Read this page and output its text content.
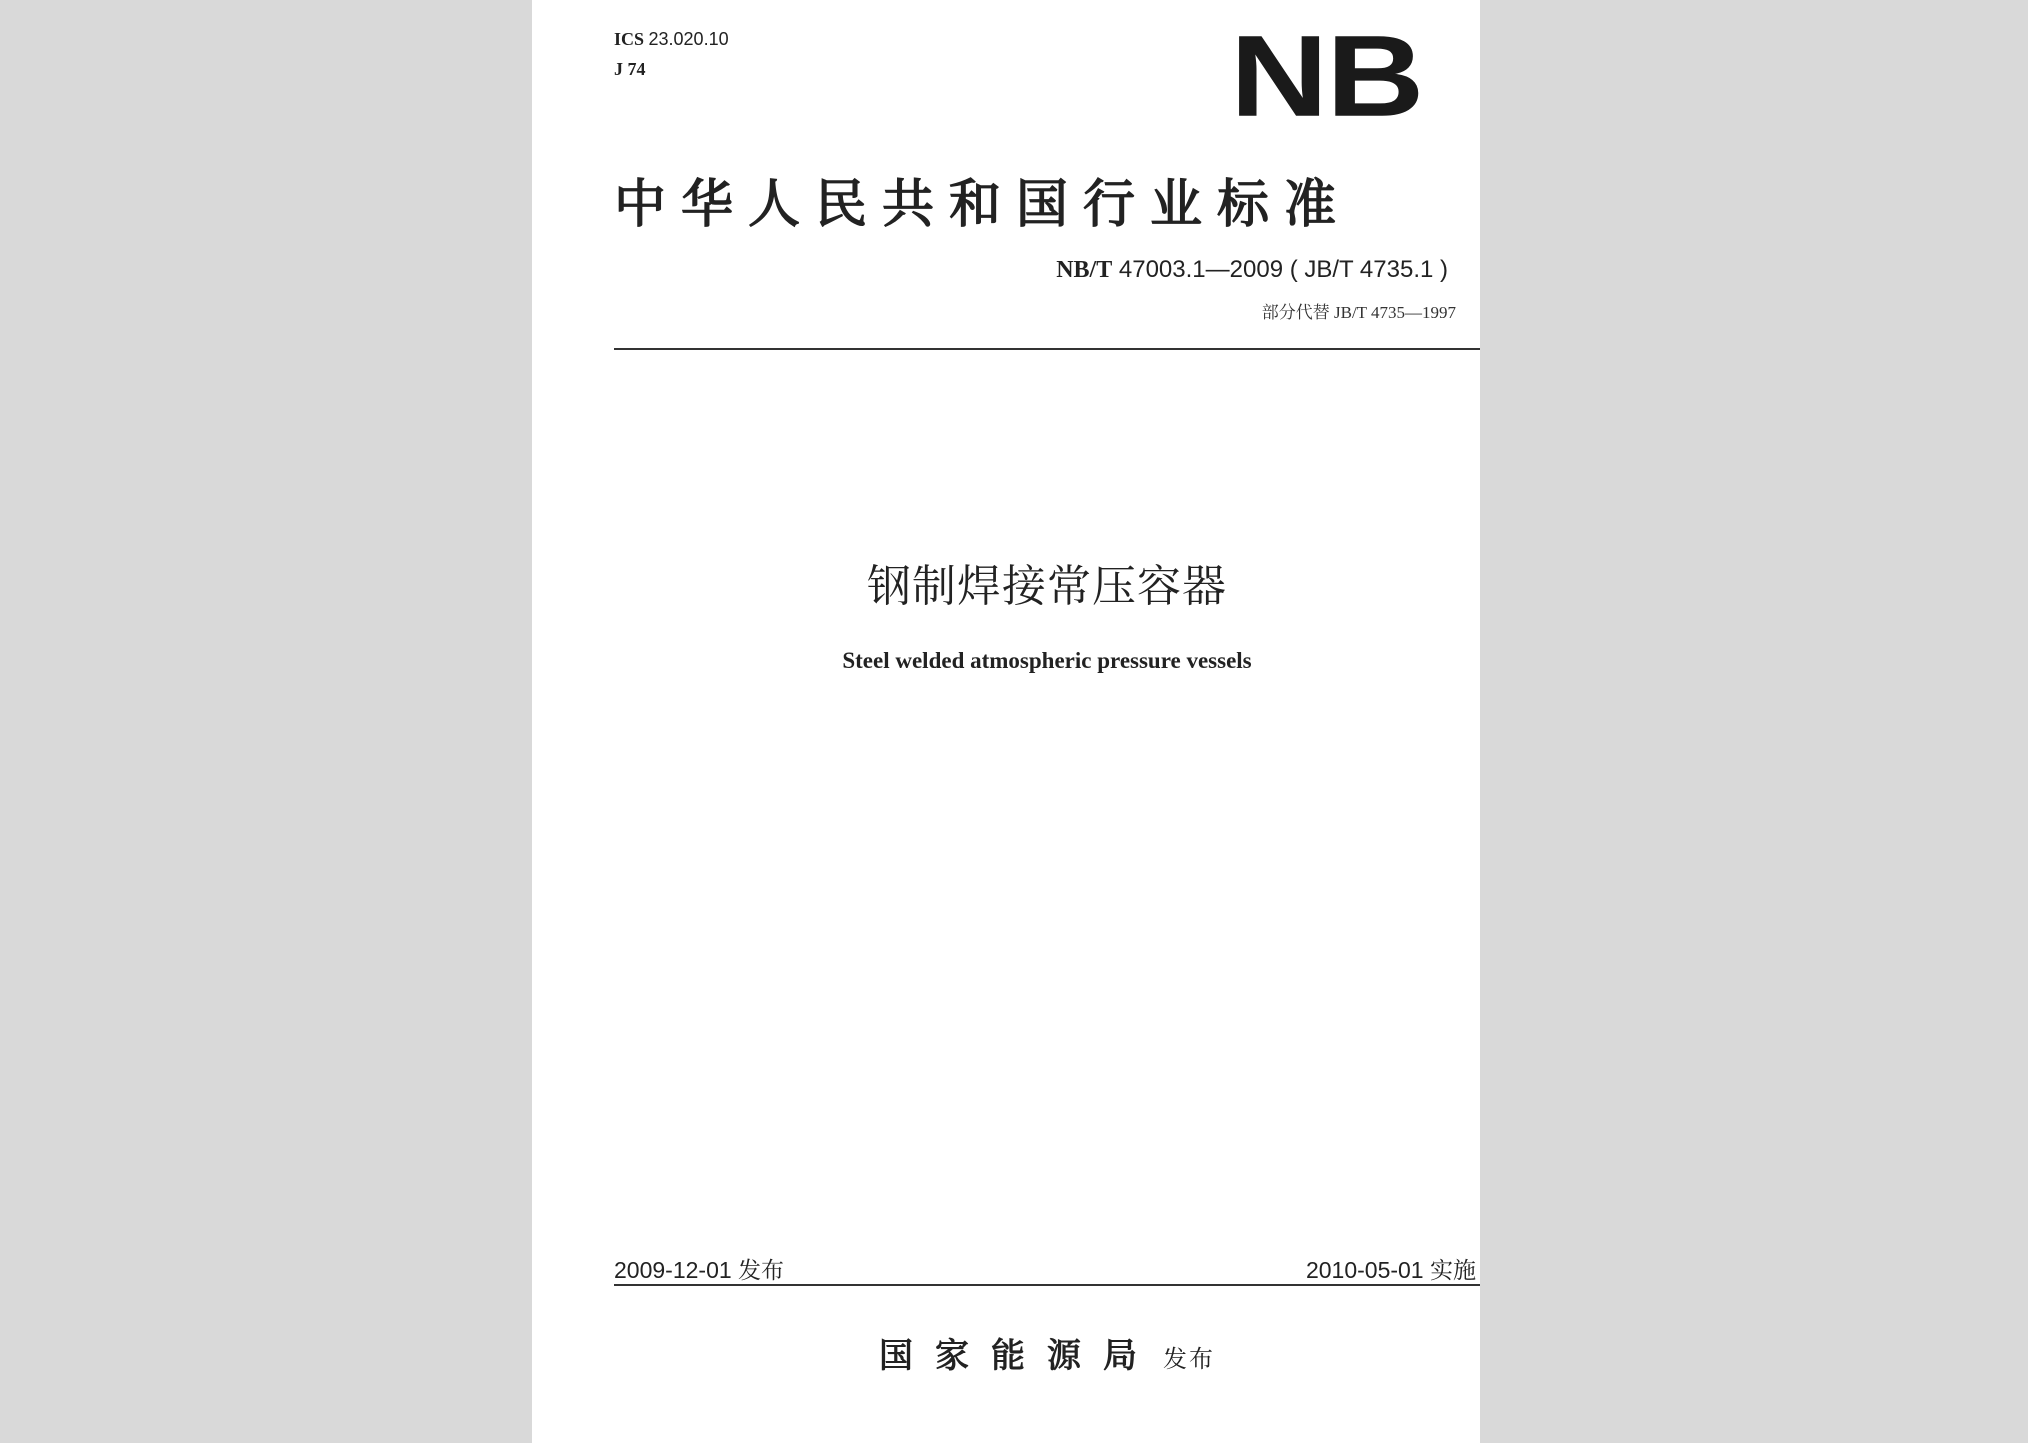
ICS 23.020.10
J 74	NB
中华人民共和国行业标准
NB/T 47003.1—2009 ( JB/T 4735.1 )
部分代替 JB/T 4735—1997
钢制焊接常压容器
Steel welded atmospheric pressure vessels
2009-12-01 发布	2010-05-01 实施
国家能源局 发布
